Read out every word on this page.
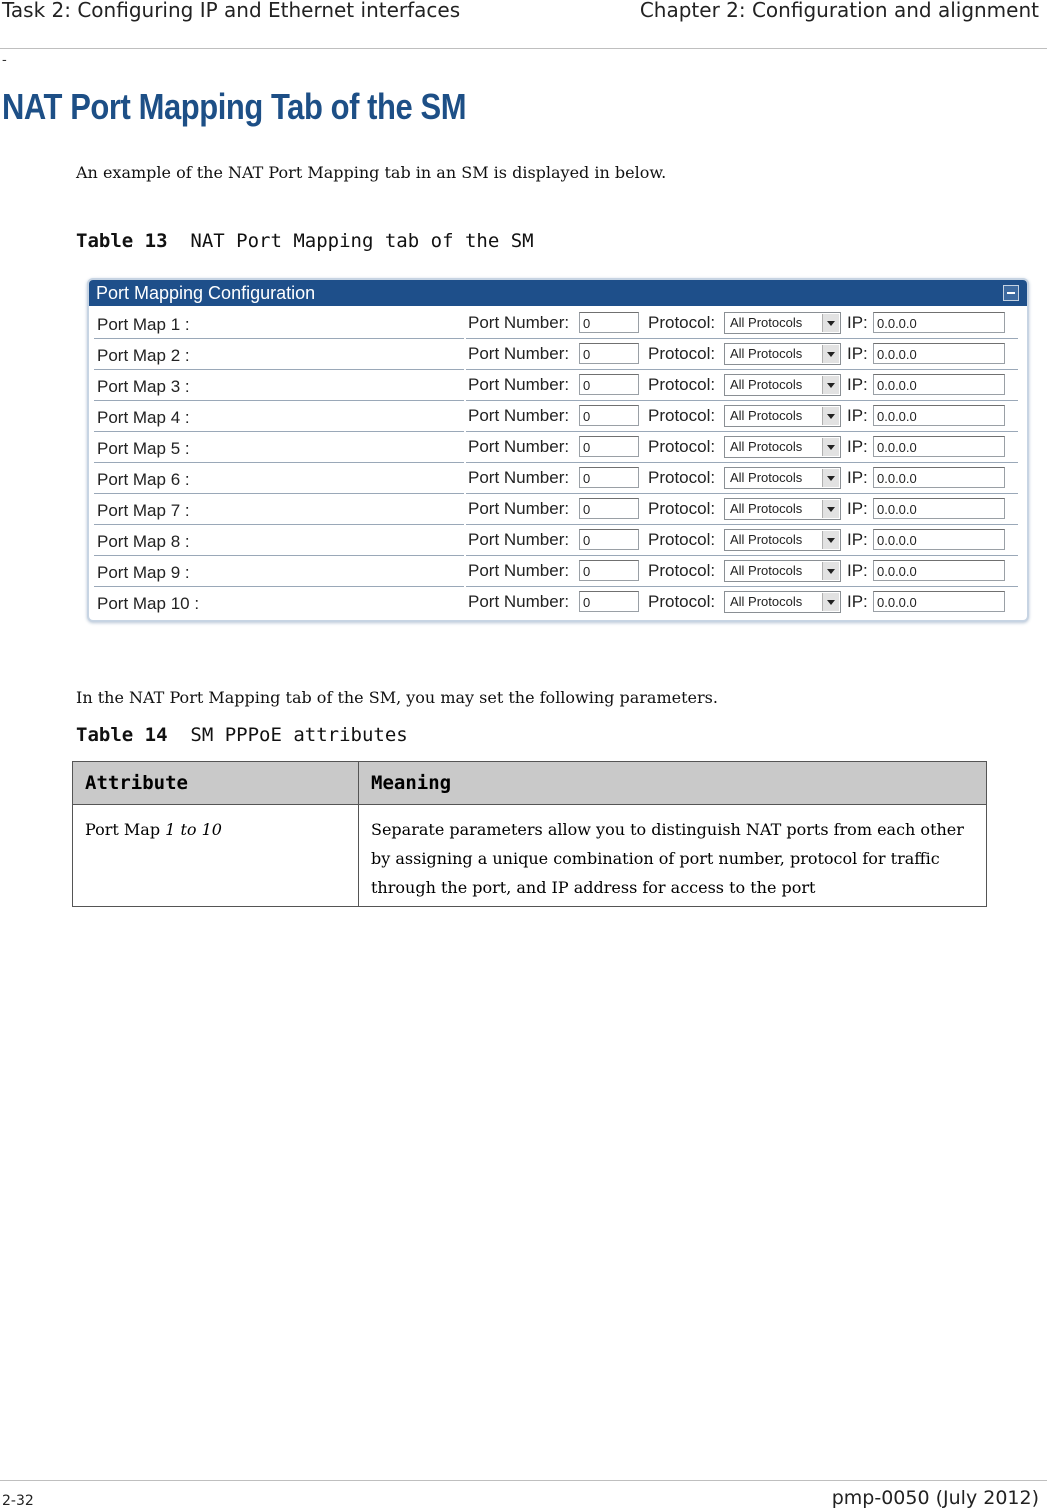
Task 2: Configuring IP and Ethernet interfaces	Chapter 2: Configuration and alignment
-
NAT Port Mapping Tab of the SM
An example of the NAT Port Mapping tab in an SM is displayed in below.
Table 13 NAT Port Mapping tab of the SM
Port Mapping Configuration
Port Map 1 :	Port Number:	0	Protocol:	All Protocols	IP: 0.0.0.0
Port Map 2 :	Port Number:	0	Protocol:	All Protocols	IP: 0.0.0.0
Port Map 3 :	Port Number:	0	Protocol:	All Protocols	IP: 0.0.0.0
Port Map 4 :	Port Number:	0	Protocol:	All Protocols	IP: 0.0.0.0
Port Map 5 :	Port Number:	0	Protocol:	All Protocols	IP: 0.0.0.0
Port Map 6 :	Port Number:	0	Protocol:	All Protocols	IP: 0.0.0.0
Port Map 7 :	Port Number:	0	Protocol:	All Protocols	IP: 0.0.0.0
Port Map 8 :	Port Number:	0	Protocol:	All Protocols	IP: 0.0.0.0
Port Map 9 :	Port Number:	0	Protocol:	All Protocols	IP: 0.0.0.0
Port Map 10 :	Port Number:	0	Protocol:	All Protocols	IP: 0.0.0.0
In the NAT Port Mapping tab of the SM, you may set the following parameters.
Table 14 SM PPPoE attributes
Attribute	Meaning
Port Map 1 to 10	Separate parameters allow you to distinguish NAT ports from each other by assigning a unique combination of port number, protocol for traffic through the port, and IP address for access to the port
2-32	pmp-0050 (July 2012)
